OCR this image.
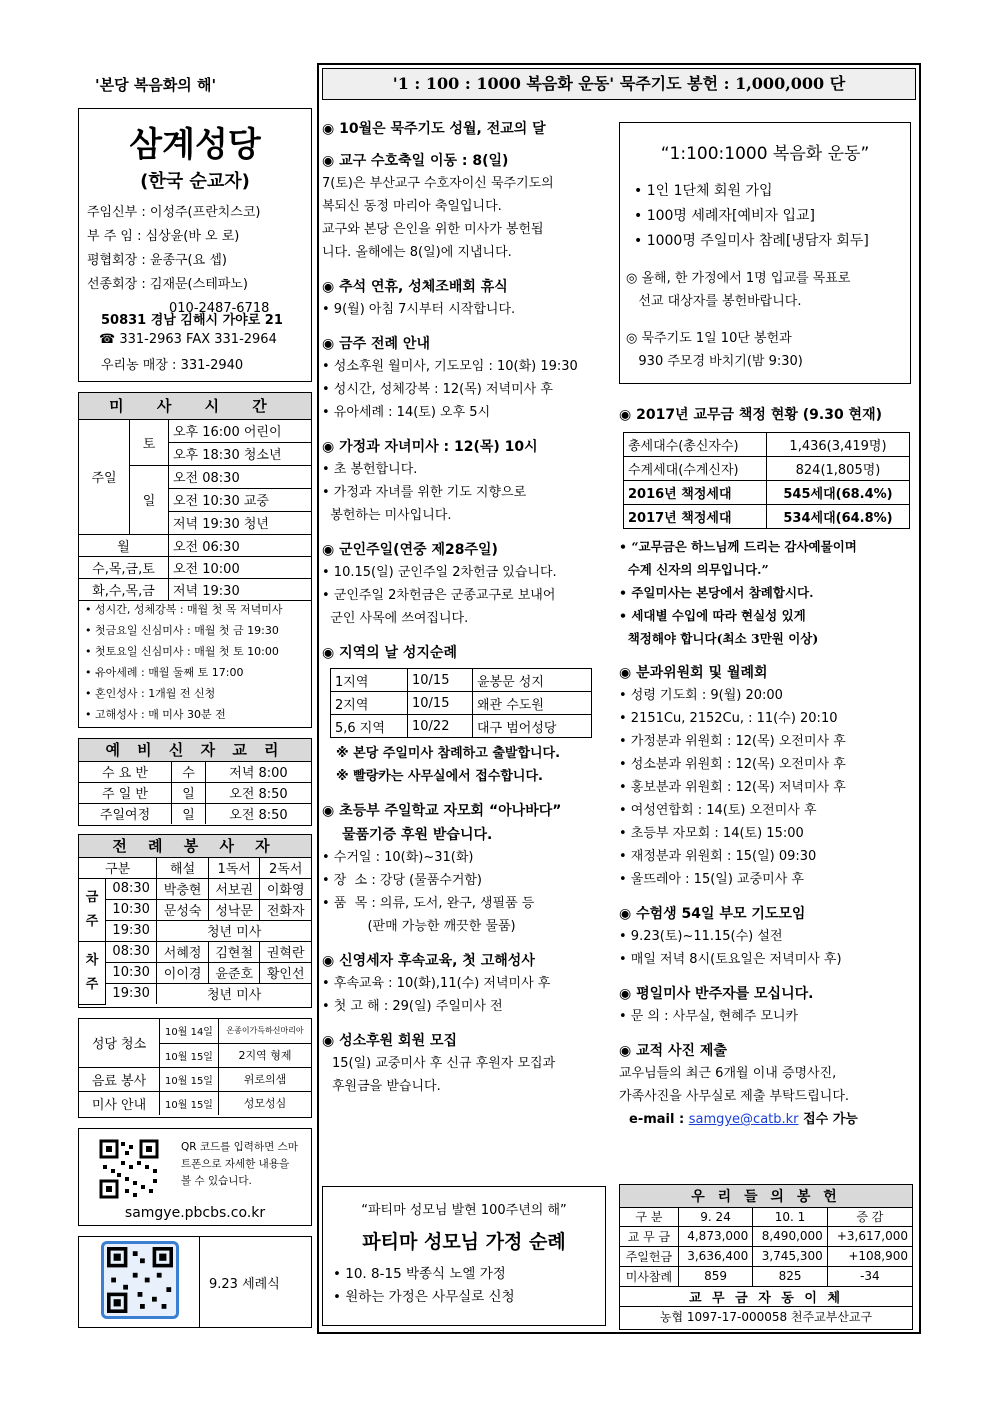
'본당 복음화의 해'
삼계성당
(한국 순교자)
주임신부 : 이성주(프란치스코)
부 주 임 : 심상윤(바 오 로)
평협회장 : 윤종구(요 셉)
선종회장 : 김재문(스테파노)
010-2487-6718
50831 경남 김해시 가야로 21
☎ 331-2963 FAX 331-2964
우리농 매장 : 331-2940
미 사 시 간		
주일	토	오후 16:00 어린이
		오후 18:30 청소년
	일	오전 08:30
		오전 10:30 교중
		저녁 19:30 청년
월		오전 06:30
수,목,금,토		오전 10:00
화,수,목,금		저녁 19:30
• 성시간, 성체강복 : 매월 첫 목 저녁미사
• 첫금요일 신심미사 : 매월 첫 금 19:30
• 첫토요일 신심미사 : 매월 첫 토 10:00
• 유아세례 : 매월 둘째 토 17:00
• 혼인성사 : 1개월 전 신청
• 고해성사 : 매 미사 30분 전
예 비 신 자 교 리		
수 요 반	수	저녁 8:00
주 일 반	일	오전 8:50
주일여정	일	오전 8:50
전 례 봉 사 자				
구분		해설	1독서	2독서
금주	08:30	박충현	서보권	이화영
	10:30	문성숙	성낙문	전화자
	19:30	청년 미사		
차주	08:30	서혜정	김현철	권혁란
	10:30	이이경	윤준호	황인선
	19:30	청년 미사		
성당 청소	10월 14일	온종이가득하신마리아
	10월 15일	2지역 형제
음료 봉사	10월 15일	위로의샘
미사 안내	10월 15일	성모성심
QR 코드를 입력하면 스마트폰으로 자세한 내용을 볼 수 있습니다.
samgye.pbcbs.co.kr
9.23 세례식
'1 : 100 : 1000 복음화 운동' 묵주기도 봉헌 : 1,000,000 단
◉ 10월은 묵주기도 성월, 전교의 달
◉ 교구 수호축일 이동 : 8(일)
7(토)은 부산교구 수호자이신 묵주기도의
복되신 동정 마리아 축일입니다.
교구와 본당 은인을 위한 미사가 봉헌됩
니다. 올해에는 8(일)에 지냅니다.
◉ 추석 연휴, 성체조배회 휴식
• 9(월) 아침 7시부터 시작합니다.
◉ 금주 전례 안내
• 성소후원 월미사, 기도모임 : 10(화) 19:30
• 성시간, 성체강복 : 12(목) 저녁미사 후
• 유아세례 : 14(토) 오후 5시
◉ 가정과 자녀미사 : 12(목) 10시
• 초 봉헌합니다.
• 가정과 자녀를 위한 기도 지향으로
봉헌하는 미사입니다.
◉ 군인주일(연중 제28주일)
• 10.15(일) 군인주일 2차헌금 있습니다.
• 군인주일 2차헌금은 군종교구로 보내어
군인 사목에 쓰여집니다.
◉ 지역의 날 성지순례
1지역	10/15	윤봉문 성지
2지역	10/15	왜관 수도원
5,6 지역	10/22	대구 범어성당
※ 본당 주일미사 참례하고 출발합니다.
※ 빨랑카는 사무실에서 접수합니다.
◉ 초등부 주일학교 자모회 “아나바다”
물품기증 후원 받습니다.
• 수거일 : 10(화)~31(화)
• 장  소 : 강당 (물품수거함)
• 품  목 : 의류, 도서, 완구, 생필품 등
(판매 가능한 깨끗한 물품)
◉ 신영세자 후속교육, 첫 고해성사
• 후속교육 : 10(화),11(수) 저녁미사 후
• 첫 고 해 : 29(일) 주일미사 전
◉ 성소후원 회원 모집
15(일) 교중미사 후 신규 후원자 모집과
후원금을 받습니다.
“파티마 성모님 발현 100주년의 해”
파티마 성모님 가정 순례
• 10. 8-15 박종식 노엘 가정
• 원하는 가정은 사무실로 신청
“1:100:1000 복음화 운동”
• 1인 1단체 회원 가입
• 100명 세례자[예비자 입교]
• 1000명 주일미사 참례[냉담자 회두]
◎ 올해, 한 가정에서 1명 입교를 목표로
선교 대상자를 봉헌바랍니다.
◎ 묵주기도 1일 10단 봉헌과
930 주모경 바치기(밤 9:30)
◉ 2017년 교무금 책정 현황 (9.30 현재)
총세대수(총신자수)	1,436(3,419명)
수계세대(수계신자)	824(1,805명)
2016년 책정세대	545세대(68.4%)
2017년 책정세대	534세대(64.8%)
• “교무금은 하느님께 드리는 감사예물이며
수계 신자의 의무입니다.”
• 주일미사는 본당에서 참례합시다.
• 세대별 수입에 따라 현실성 있게
책정해야 합니다(최소 3만원 이상)
◉ 분과위원회 및 월례회
• 성령 기도회 : 9(월) 20:00
• 2151Cu, 2152Cu, : 11(수) 20:10
• 가정분과 위원회 : 12(목) 오전미사 후
• 성소분과 위원회 : 12(목) 오전미사 후
• 홍보분과 위원회 : 12(목) 저녁미사 후
• 여성연합회 : 14(토) 오전미사 후
• 초등부 자모회 : 14(토) 15:00
• 재정분과 위원회 : 15(일) 09:30
• 울뜨레아 : 15(일) 교중미사 후
◉ 수험생 54일 부모 기도모임
• 9.23(토)~11.15(수) 설전
• 매일 저녁 8시(토요일은 저녁미사 후)
◉ 평일미사 반주자를 모십니다.
• 문 의 : 사무실, 현혜주 모니카
◉ 교적 사진 제출
교우님들의 최근 6개월 이내 증명사진,
가족사진을 사무실로 제출 부탁드립니다.
e-mail : samgye@catb.kr 접수 가능
우 리 들 의 봉 헌			
구 분	9. 24	10. 1	증 감
교 무 금	4,873,000	8,490,000	+3,617,000
주일헌금	3,636,400	3,745,300	+108,900
미사참례	859	825	-34
교 무 금 자 동 이 체			
농협 1097-17-000058 천주교부산교구			
